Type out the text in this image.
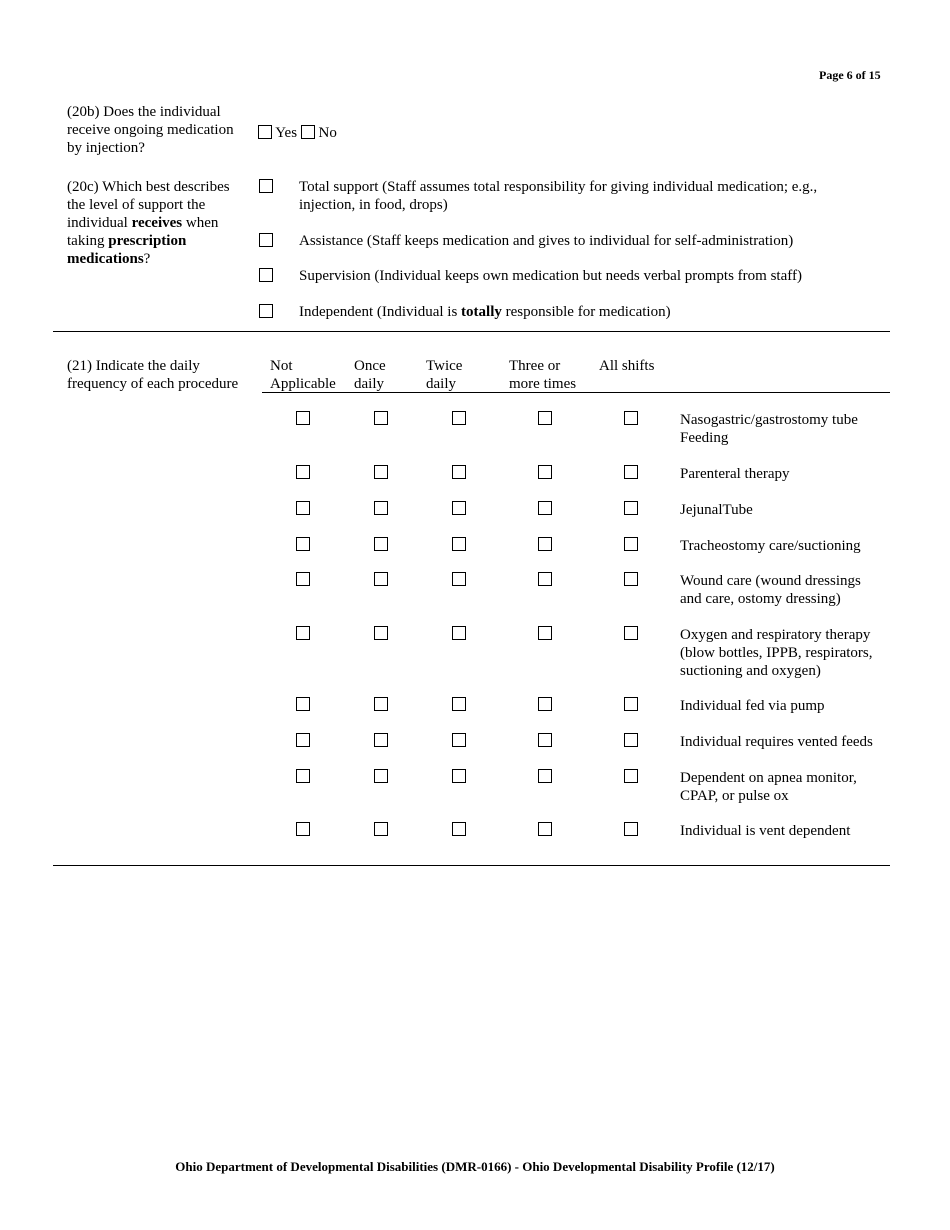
Page 6 of 15
(20b) Does the individual receive ongoing medication by injection?
Yes No
(20c) Which best describes the level of support the individual receives when taking prescription medications?
Total support (Staff assumes total responsibility for giving individual medication; e.g., injection, in food, drops)
Assistance (Staff keeps medication and gives to individual for self-administration)
Supervision (Individual keeps own medication but needs verbal prompts from staff)
Independent (Individual is totally responsible for medication)
(21) Indicate the daily frequency of each procedure
Not Applicable
Once daily
Twice daily
Three or more times
All shifts
Nasogastric/gastrostomy tube Feeding
Parenteral therapy
JejunalTube
Tracheostomy care/suctioning
Wound care (wound dressings and care, ostomy dressing)
Oxygen and respiratory therapy (blow bottles, IPPB, respirators, suctioning and oxygen)
Individual fed via pump
Individual requires vented feeds
Dependent on apnea monitor, CPAP, or pulse ox
Individual is vent dependent
Ohio Department of Developmental Disabilities (DMR-0166) - Ohio Developmental Disability Profile (12/17)
